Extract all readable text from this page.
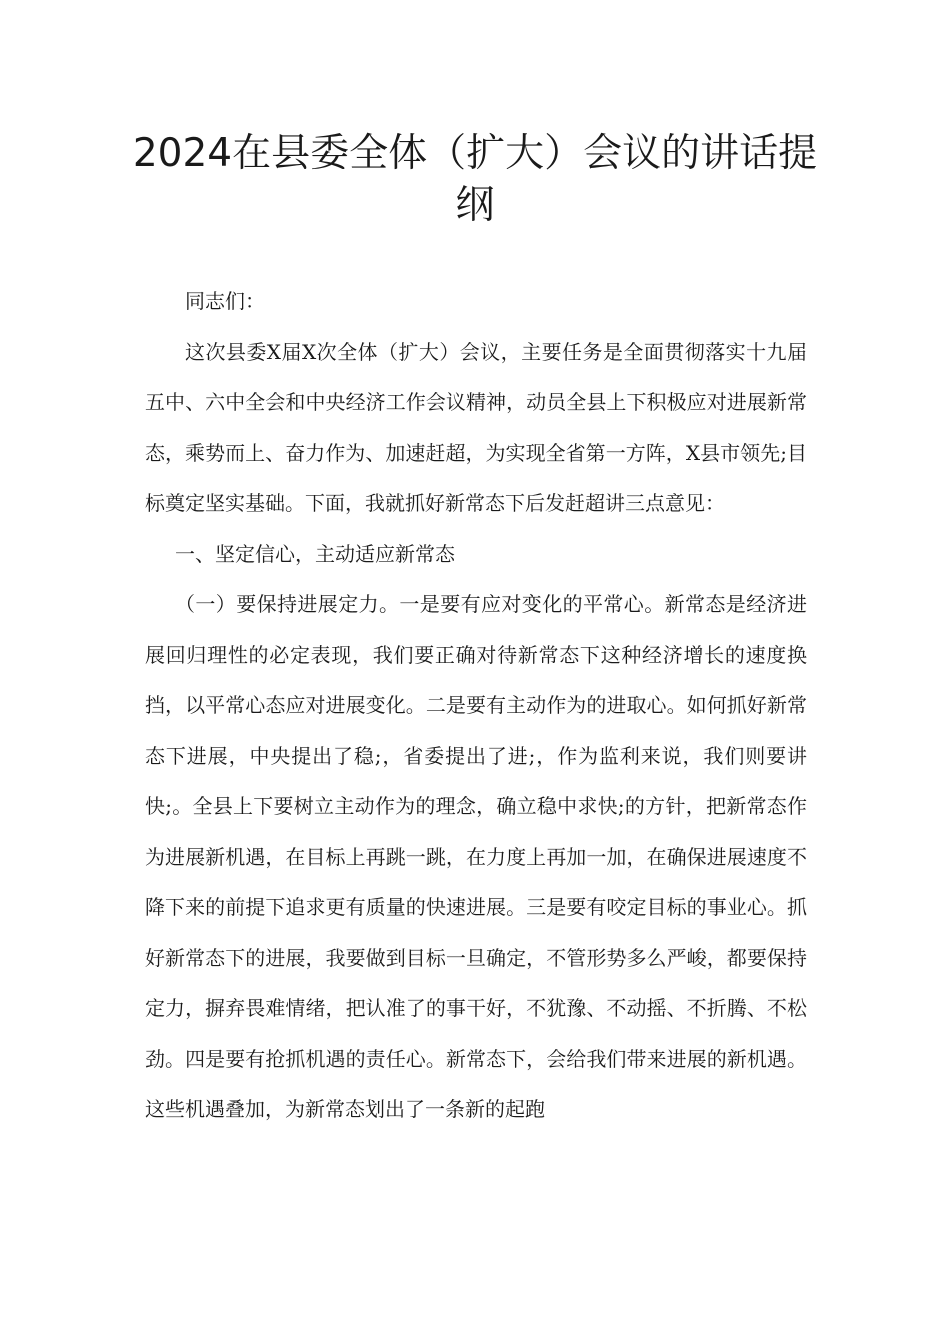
2024在县委全体（扩大）会议的讲话提纲

同志们：

这次县委X届X次全体（扩大）会议，主要任务是全面贯彻落实十九届五中、六中全会和中央经济工作会议精神，动员全县上下积极应对进展新常态，乘势而上、奋力作为、加速赶超，为实现全省第一方阵，X县市领先;目标奠定坚实基础。下面，我就抓好新常态下后发赶超讲三点意见：

一、坚定信心，主动适应新常态

（一）要保持进展定力。一是要有应对变化的平常心。新常态是经济进展回归理性的必定表现，我们要正确对待新常态下这种经济增长的速度换挡，以平常心态应对进展变化。二是要有主动作为的进取心。如何抓好新常态下进展，中央提出了稳;，省委提出了进;，作为监利来说，我们则要讲快;。全县上下要树立主动作为的理念，确立稳中求快;的方针，把新常态作为进展新机遇，在目标上再跳一跳，在力度上再加一加，在确保进展速度不降下来的前提下追求更有质量的快速进展。三是要有咬定目标的事业心。抓好新常态下的进展，我要做到目标一旦确定，不管形势多么严峻，都要保持定力，摒弃畏难情绪，把认准了的事干好，不犹豫、不动摇、不折腾、不松劲。四是要有抢抓机遇的责任心。新常态下，会给我们带来进展的新机遇。这些机遇叠加，为新常态划出了一条新的起跑
